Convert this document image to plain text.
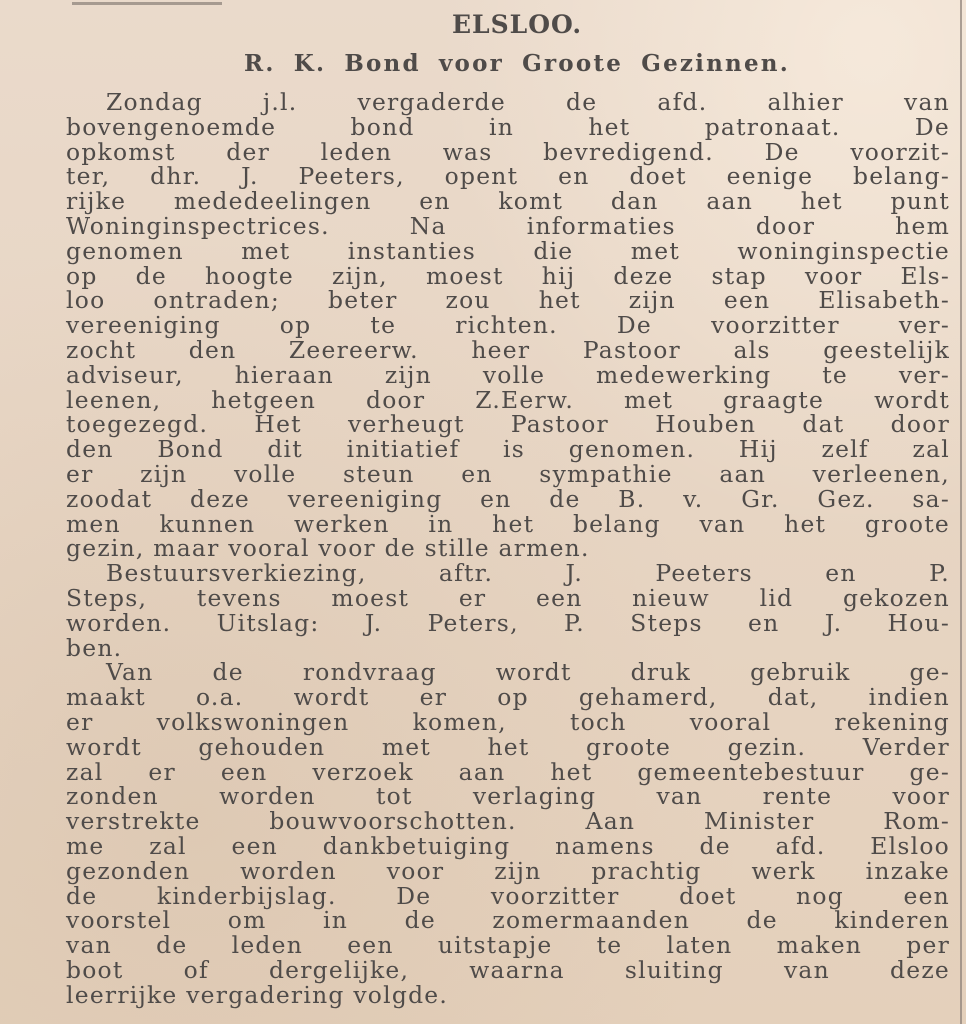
ELSLOO.
R. K. Bond voor Groote Gezinnen.

Zondag j.l. vergaderde de afd. alhier van
bovengenoemde bond in het patronaat. De
opkomst der leden was bevredigend. De voorzit-
ter, dhr. J. Peeters, opent en doet eenige belang-
rijke mededeelingen en komt dan aan het punt
Woninginspectrices. Na informaties door hem
genomen met instanties die met woninginspectie
op de hoogte zijn, moest hij deze stap voor Els-
loo ontraden; beter zou het zijn een Elisabeth-
vereeniging op te richten. De voorzitter ver-
zocht den Zeereerw. heer Pastoor als geestelijk
adviseur, hieraan zijn volle medewerking te ver-
leenen, hetgeen door Z.Eerw. met graagte wordt
toegezegd. Het verheugt Pastoor Houben dat door
den Bond dit initiatief is genomen. Hij zelf zal
er zijn volle steun en sympathie aan verleenen,
zoodat deze vereeniging en de B. v. Gr. Gez. sa-
men kunnen werken in het belang van het groote
gezin, maar vooral voor de stille armen.

Bestuursverkiezing, aftr. J. Peeters en P.
Steps, tevens moest er een nieuw lid gekozen
worden. Uitslag: J. Peters, P. Steps en J. Hou-
ben.

Van de rondvraag wordt druk gebruik ge-
maakt o.a. wordt er op gehamerd, dat, indien
er volkswoningen komen, toch vooral rekening
wordt gehouden met het groote gezin. Verder
zal er een verzoek aan het gemeentebestuur ge-
zonden worden tot verlaging van rente voor
verstrekte bouwvoorschotten. Aan Minister Rom-
me zal een dankbetuiging namens de afd. Elsloo
gezonden worden voor zijn prachtig werk inzake
de kinderbijslag. De voorzitter doet nog een
voorstel om in de zomermaanden de kinderen
van de leden een uitstapje te laten maken per
boot of dergelijke, waarna sluiting van deze
leerrijke vergadering volgde.
